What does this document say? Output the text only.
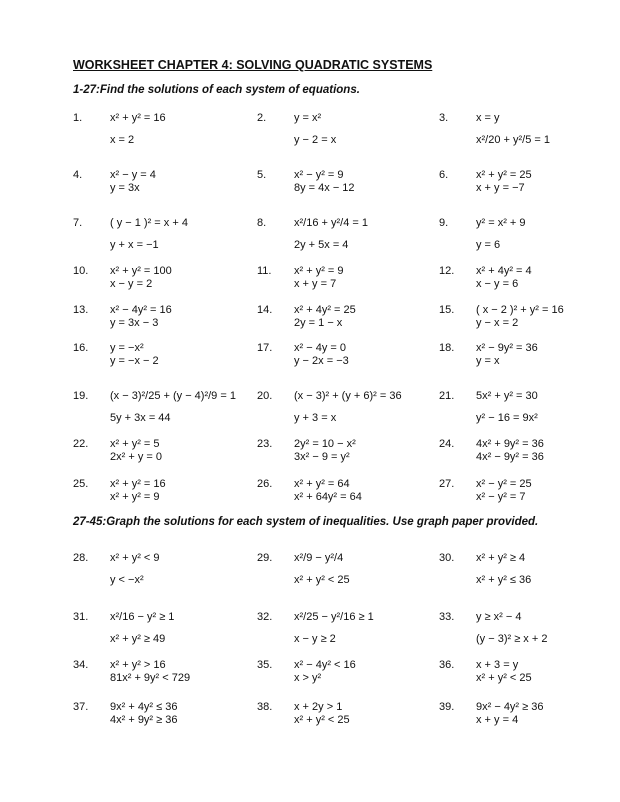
WORKSHEET CHAPTER 4: SOLVING QUADRATIC SYSTEMS
1-27:Find the solutions of each system of equations.
27-45:Graph the solutions for each system of inequalities. Use graph paper provided.
1.	x² + y² = 16
x = 2
2.	y = x²
y − 2 = x
3.	x = y
x²/20 + y²/5 = 1
4.	x² − y = 4
y = 3x
5.	x² − y² = 9
8y = 4x − 12
6.	x² + y² = 25
x + y = −7
7.	( y − 1 )² = x + 4
y + x = −1
8.	x²/16 + y²/4 = 1
2y + 5x = 4
9.	y² = x² + 9
y = 6
10.	x² + y² = 100
x − y = 2
11.	x² + y² = 9
x + y = 7
12.	x² + 4y² = 4
x − y = 6
13.	x² − 4y² = 16
y = 3x − 3
14.	x² + 4y² = 25
2y = 1 − x
15.	( x − 2 )² + y² = 16
y − x = 2
16.	y = −x²
y = −x − 2
17.	x² − 4y = 0
y − 2x = −3
18.	x² − 9y² = 36
y = x
19.	(x − 3)²/25 + (y − 4)²/9 = 1
5y + 3x = 44
20.	(x − 3)² + (y + 6)² = 36
y + 3 = x
21.	5x² + y² = 30
y² − 16 = 9x²
22.	x² + y² = 5
2x² + y = 0
23.	2y² = 10 − x²
3x² − 9 = y²
24.	4x² + 9y² = 36
4x² − 9y² = 36
25.	x² + y² = 16
x² + y² = 9
26.	x² + y² = 64
x² + 64y² = 64
27.	x² − y² = 25
x² − y² = 7
28.	x² + y² < 9
y < −x²
29.	x²/9 − y²/4
x² + y² < 25
30.	x² + y² ≥ 4
x² + y² ≤ 36
31.	x²/16 − y² ≥ 1
x² + y² ≥ 49
32.	x²/25 − y²/16 ≥ 1
x − y ≥ 2
33.	y ≥ x² − 4
(y − 3)² ≥ x + 2
34.	x² + y² > 16
81x² + 9y² < 729
35.	x² − 4y² < 16
x > y²
36.	x + 3 = y
x² + y² < 25
37.	9x² + 4y² ≤ 36
4x² + 9y² ≥ 36
38.	x + 2y > 1
x² + y² < 25
39.	9x² − 4y² ≥ 36
x + y = 4
